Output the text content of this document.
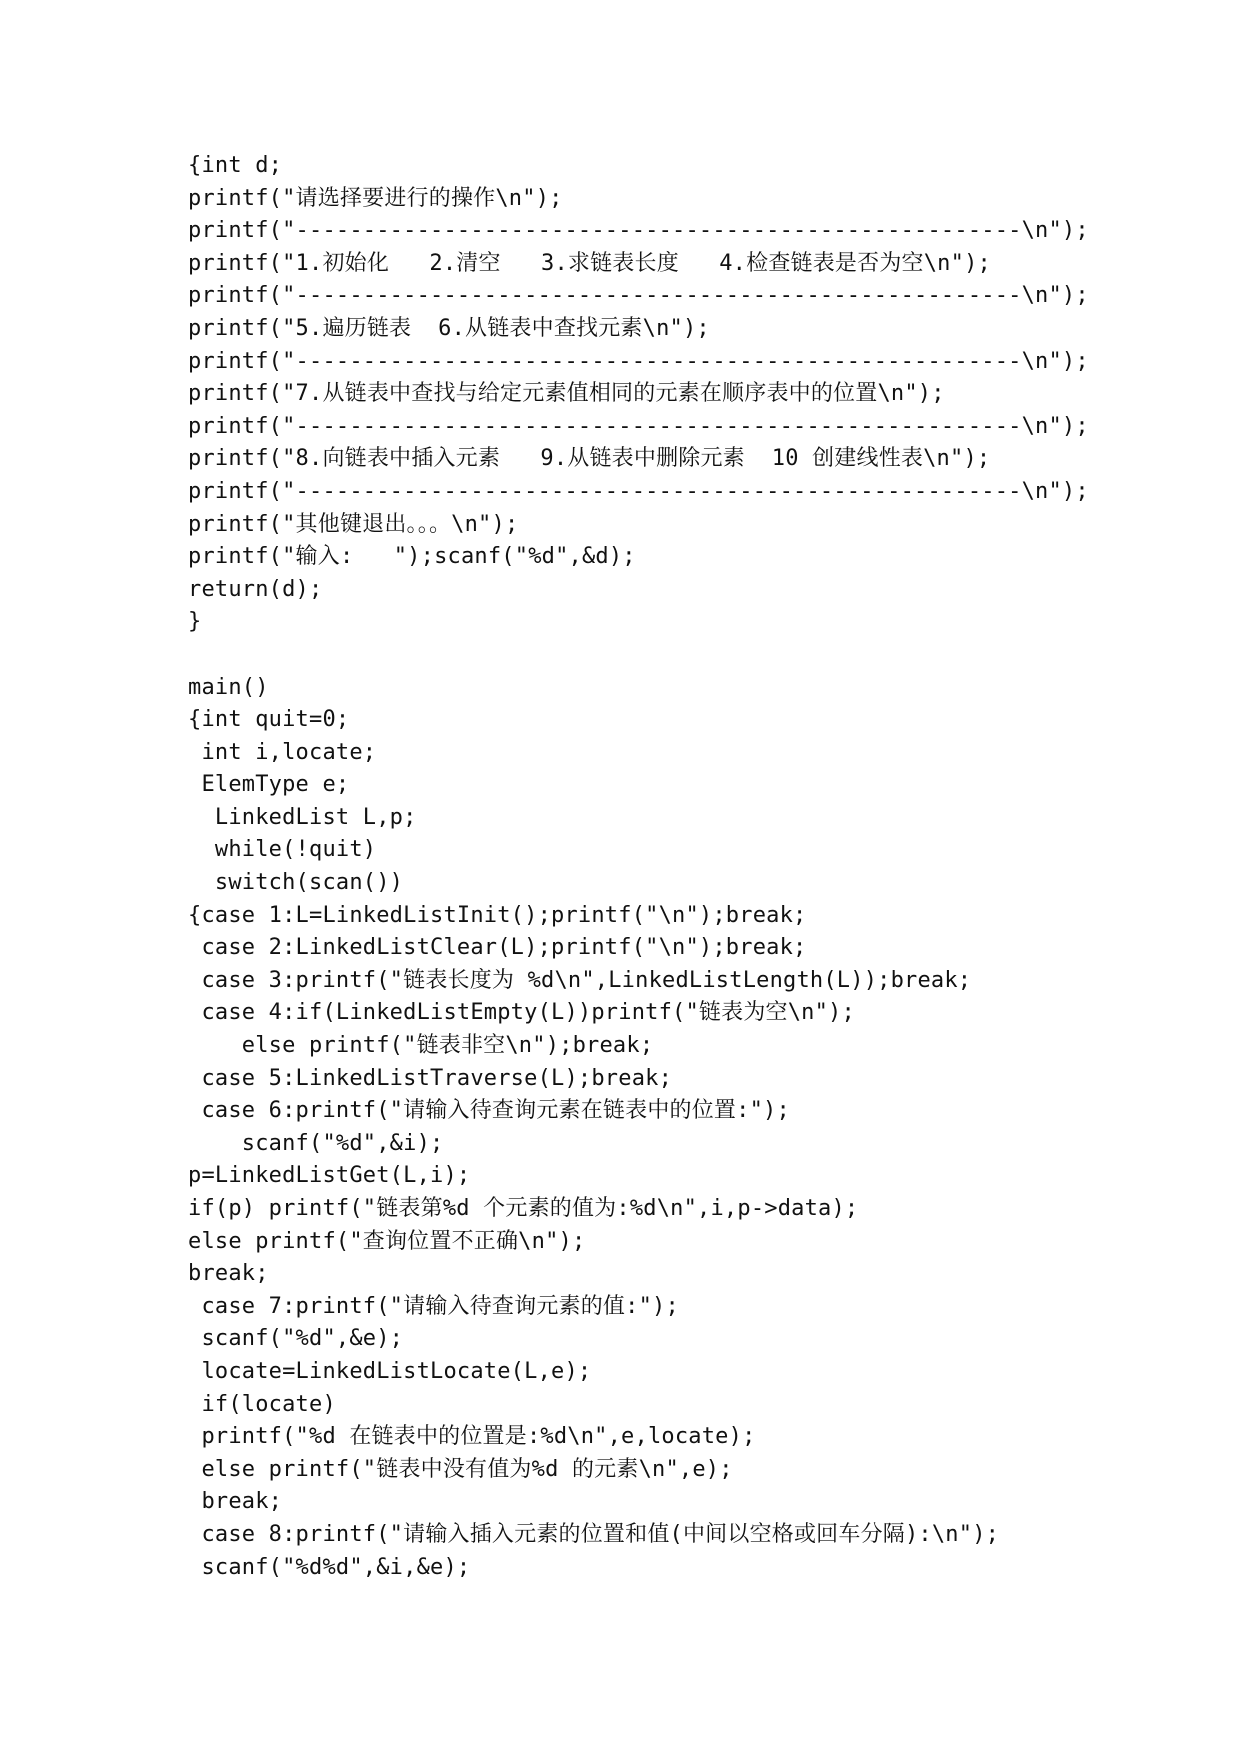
{int d;
printf("请选择要进行的操作\n");
printf("------------------------------------------------------\n");
printf("1.初始化   2.清空   3.求链表长度   4.检查链表是否为空\n");
printf("------------------------------------------------------\n");
printf("5.遍历链表  6.从链表中查找元素\n");
printf("------------------------------------------------------\n");
printf("7.从链表中查找与给定元素值相同的元素在顺序表中的位置\n");
printf("------------------------------------------------------\n");
printf("8.向链表中插入元素   9.从链表中删除元素  10 创建线性表\n");
printf("------------------------------------------------------\n");
printf("其他键退出。。。\n");
printf("输入:   ");scanf("%d",&d);
return(d);
}
main()
{int quit=0;
int i,locate;
ElemType e;
LinkedList L,p;
while(!quit)
switch(scan())
{case 1:L=LinkedListInit();printf("\n");break;
case 2:LinkedListClear(L);printf("\n");break;
case 3:printf("链表长度为 %d\n",LinkedListLength(L));break;
case 4:if(LinkedListEmpty(L))printf("链表为空\n");
else printf("链表非空\n");break;
case 5:LinkedListTraverse(L);break;
case 6:printf("请输入待查询元素在链表中的位置:");
scanf("%d",&i);
p=LinkedListGet(L,i);
if(p) printf("链表第%d 个元素的值为:%d\n",i,p->data);
else printf("查询位置不正确\n");
break;
case 7:printf("请输入待查询元素的值:");
scanf("%d",&e);
locate=LinkedListLocate(L,e);
if(locate)
printf("%d 在链表中的位置是:%d\n",e,locate);
else printf("链表中没有值为%d 的元素\n",e);
break;
case 8:printf("请输入插入元素的位置和值(中间以空格或回车分隔):\n");
scanf("%d%d",&i,&e);
